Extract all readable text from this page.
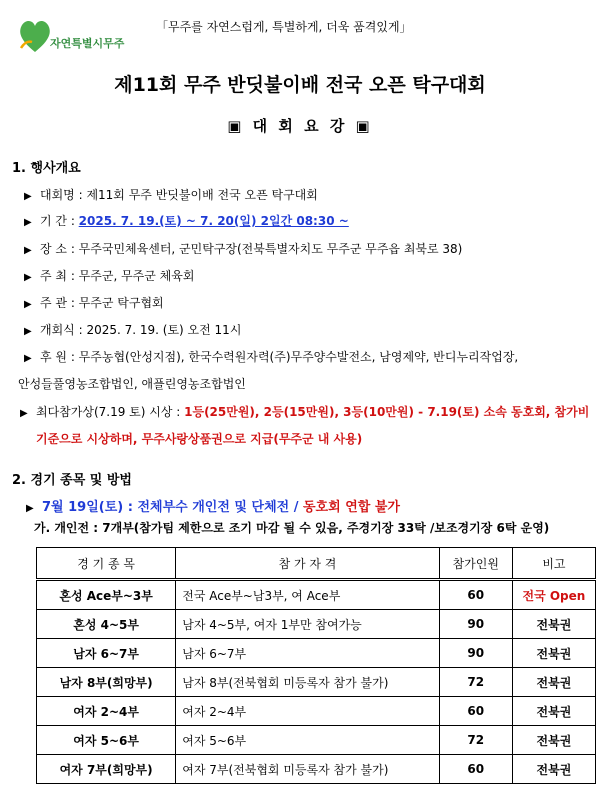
자연특별시무주
「무주를 자연스럽게, 특별하게, 더욱 품격있게」
제11회 무주 반딧불이배 전국 오픈 탁구대회
▣ 대 회 요 강 ▣
1. 행사개요
▶ 대회명 : 제11회 무주 반딧불이배 전국 오픈 탁구대회
▶ 기 간 : 2025. 7. 19.(토) ~ 7. 20(일) 2일간 08:30 ~
▶ 장 소 : 무주국민체육센터, 군민탁구장(전북특별자치도 무주군 무주읍 최북로 38)
▶ 주 최 : 무주군, 무주군 체육회
▶ 주 관 : 무주군 탁구협회
▶ 개회식 : 2025. 7. 19. (토) 오전 11시
▶ 후 원 : 무주농협(안성지점), 한국수력원자력(주)무주양수발전소, 남영제약, 반디누리작업장,
안성들풀영농조합법인, 애플린영농조합법인
▶ 최다참가상(7.19 토) 시상 : 1등(25만원), 2등(15만원), 3등(10만원) - 7.19(토) 소속 동호회, 참가비
기준으로 시상하며, 무주사랑상품권으로 지급(무주군 내 사용)
2. 경기 종목 및 방법
▶ 7월 19일(토) : 전체부수 개인전 및 단체전 / 동호회 연합 불가
가. 개인전 : 7개부(참가팀 제한으로 조기 마감 될 수 있음, 주경기장 33탁 /보조경기장 6탁 운영)
경 기 종 목	참 가 자 격	참가인원	비고
혼성 Ace부~3부	전국 Ace부~남3부, 여 Ace부	60	전국 Open
혼성 4~5부	남자 4~5부, 여자 1부만 참여가능	90	전북권
남자 6~7부	남자 6~7부	90	전북권
남자 8부(희망부)	남자 8부(전북협회 미등록자 참가 불가)	72	전북권
여자 2~4부	여자 2~4부	60	전북권
여자 5~6부	여자 5~6부	72	전북권
여자 7부(희망부)	여자 7부(전북협회 미등록자 참가 불가)	60	전북권
